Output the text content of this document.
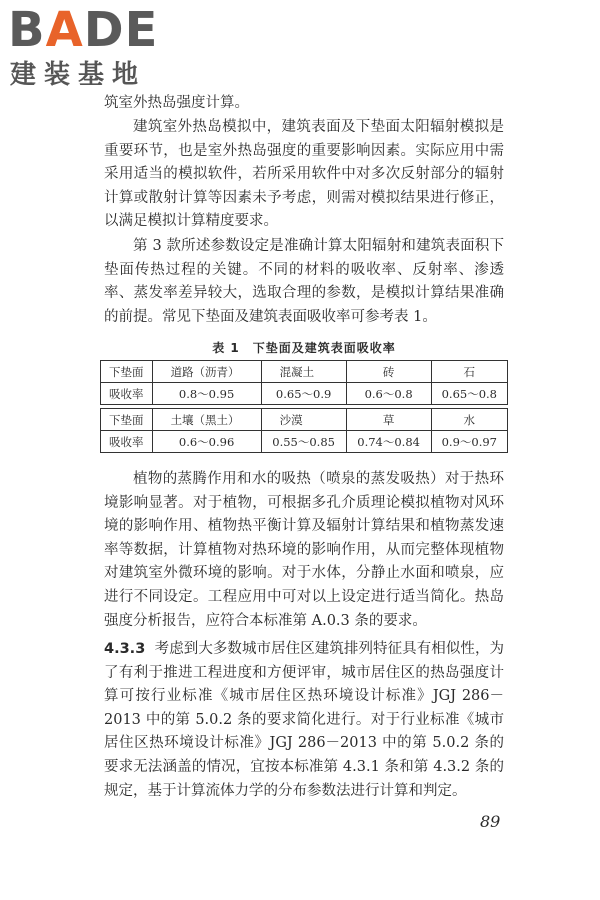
BADE
建装基地
筑室外热岛强度计算。
建筑室外热岛模拟中，建筑表面及下垫面太阳辐射模拟是重要环节，也是室外热岛强度的重要影响因素。实际应用中需采用适当的模拟软件，若所采用软件中对多次反射部分的辐射计算或散射计算等因素未予考虑，则需对模拟结果进行修正，以满足模拟计算精度要求。
第 3 款所述参数设定是准确计算太阳辐射和建筑表面积下垫面传热过程的关键。不同的材料的吸收率、反射率、渗透率、蒸发率差异较大，选取合理的参数，是模拟计算结果准确的前提。常见下垫面及建筑表面吸收率可参考表 1。
表 1　下垫面及建筑表面吸收率
下垫面	道路（沥青）	混凝土	砖	石
吸收率	0.8～0.95	0.65～0.9	0.6～0.8	0.65～0.8

下垫面	土壤（黑土）	沙漠	草	水
吸收率	0.6～0.96	0.55～0.85	0.74～0.84	0.9～0.97
植物的蒸腾作用和水的吸热（喷泉的蒸发吸热）对于热环境影响显著。对于植物，可根据多孔介质理论模拟植物对风环境的影响作用、植物热平衡计算及辐射计算结果和植物蒸发速率等数据，计算植物对热环境的影响作用，从而完整体现植物对建筑室外微环境的影响。对于水体，分静止水面和喷泉，应进行不同设定。工程应用中可对以上设定进行适当简化。热岛强度分析报告，应符合本标准第 A.0.3 条的要求。
4.3.3 考虑到大多数城市居住区建筑排列特征具有相似性，为了有利于推进工程进度和方便评审，城市居住区的热岛强度计算可按行业标准《城市居住区热环境设计标准》JGJ 286－2013 中的第 5.0.2 条的要求简化进行。对于行业标准《城市居住区热环境设计标准》JGJ 286－2013 中的第 5.0.2 条的要求无法涵盖的情况，宜按本标准第 4.3.1 条和第 4.3.2 条的规定，基于计算流体力学的分布参数法进行计算和判定。
89
